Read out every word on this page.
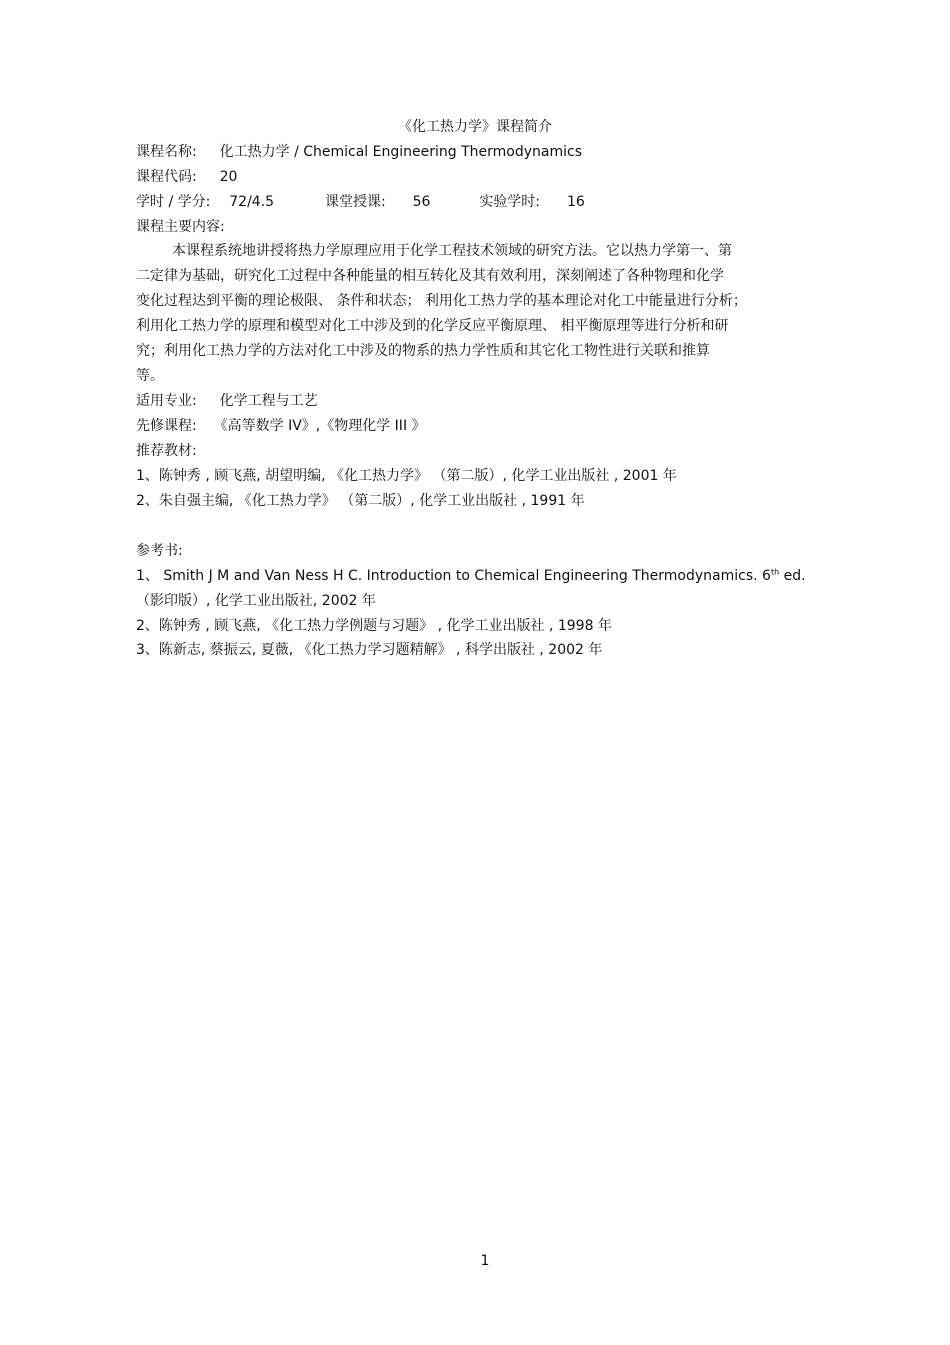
《化工热力学》课程简介
课程名称: 化工热力学 / Chemical Engineering Thermodynamics
课程代码: 20
学时 / 学分: 72/4.5	课堂授课: 56	实验学时: 16
课程主要内容:
本课程系统地讲授将热力学原理应用于化学工程技术领域的研究方法。它以热力学第一、第
二定律为基础，研究化工过程中各种能量的相互转化及其有效利用，深刻阐述了各种物理和化学
变化过程达到平衡的理论极限、 条件和状态； 利用化工热力学的基本理论对化工中能量进行分析；
利用化工热力学的原理和模型对化工中涉及到的化学反应平衡原理、 相平衡原理等进行分析和研
究；利用化工热力学的方法对化工中涉及的物系的热力学性质和其它化工物性进行关联和推算
等。
适用专业: 化学工程与工艺
先修课程: 《高等数学 IV》,《物理化学 III 》
推荐教材:
1、陈钟秀 , 顾飞燕, 胡望明编, 《化工热力学》 （第二版）, 化学工业出版社 , 2001 年
2、朱自强主编, 《化工热力学》 （第二版）, 化学工业出版社 , 1991 年
参考书:
1、 Smith J M and Van Ness H C. Introduction to Chemical Engineering Thermodynamics. 6th ed.
（影印版）, 化学工业出版社, 2002 年
2、陈钟秀 , 顾飞燕, 《化工热力学例题与习题》 , 化学工业出版社 , 1998 年
3、陈新志, 蔡振云, 夏薇, 《化工热力学习题精解》 , 科学出版社 , 2002 年
1
